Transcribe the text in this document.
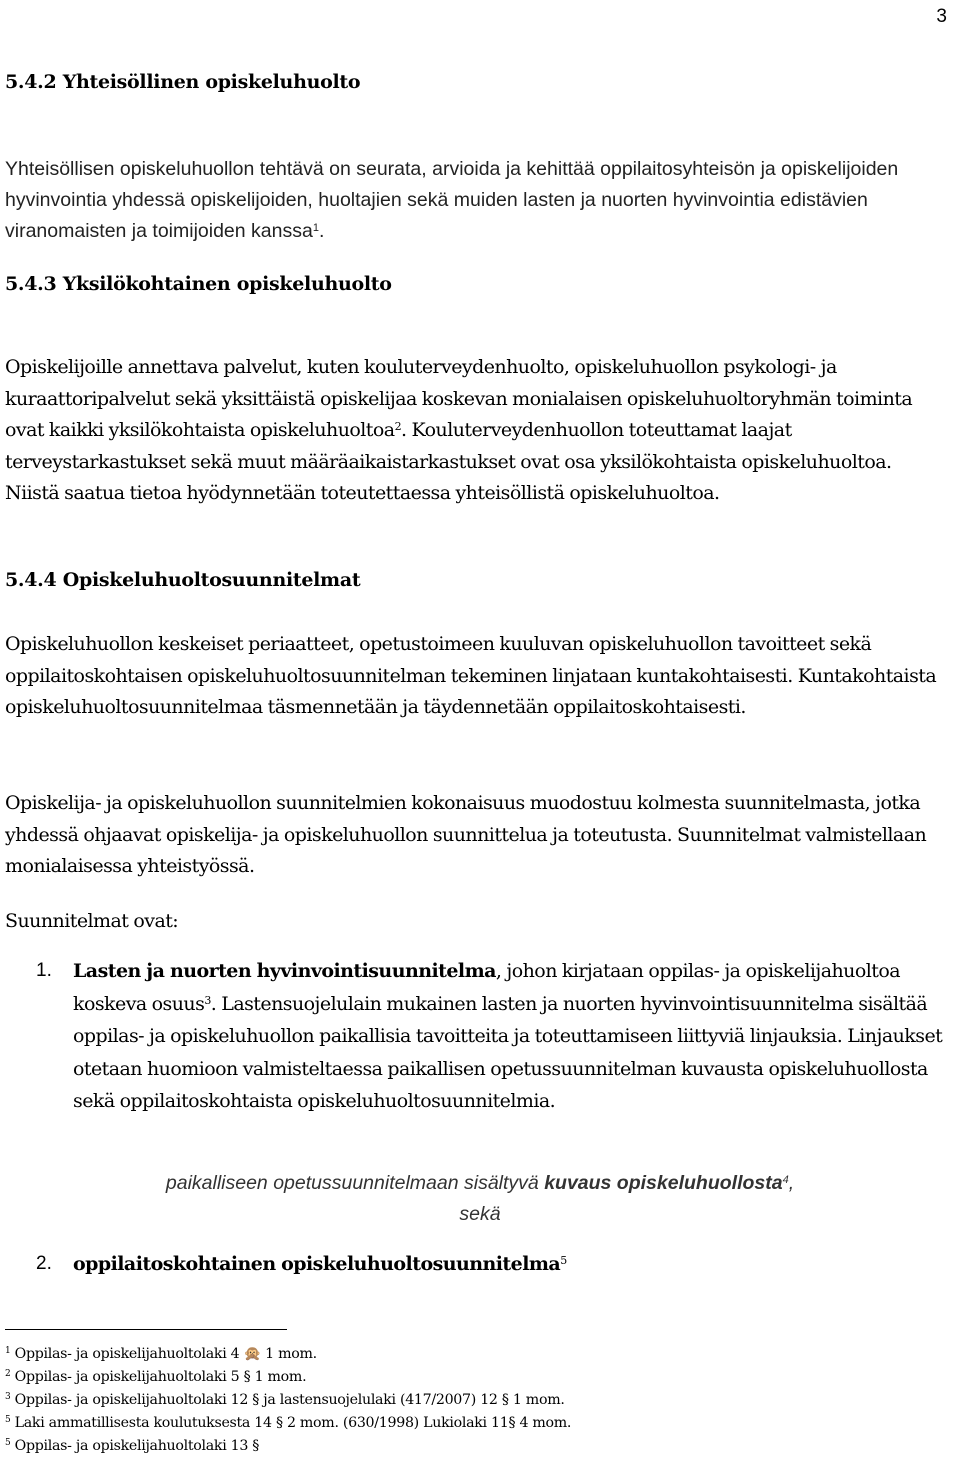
3
5.4.2 Yhteisöllinen opiskeluhuolto

Yhteisöllisen opiskeluhuollon tehtävä on seurata, arvioida ja kehittää oppilaitosyhteisön ja opiskelijoiden hyvinvointia yhdessä opiskelijoiden, huoltajien sekä muiden lasten ja nuorten hyvinvointia edistävien viranomaisten ja toimijoiden kanssa$^1$.

5.4.3 Yksilökohtainen opiskeluhuolto

Opiskelijoille annettava palvelut, kuten kouluterveydenhuolto, opiskeluhuollon psykologi- ja kuraattoripalvelut sekä yksittäistä opiskelijaa koskevan monialaisen opiskeluhuoltoryhmän toiminta ovat kaikki yksilökohtaista opiskeluhuoltoa$^2$. Kouluterveydenhuollon toteuttamat laajat terveystarkastukset sekä muut määräaikaistarkastukset ovat osa yksilökohtaista opiskeluhuoltoa. Niistä saatua tietoa hyödynnetään toteutettaessa yhteisöllistä opiskeluhuoltoa.

5.4.4 Opiskeluhuoltosuunnitelmat

Opiskeluhuollon keskeiset periaatteet, opetustoimeen kuuluvan opiskeluhuollon tavoitteet sekä oppilaitoskohtaisen opiskeluhuoltosuunnitelman tekeminen linjataan kuntakohtaisesti. Kuntakohtaista opiskeluhuoltosuunnitelmaa täsmennetään ja täydennetään oppilaitoskohtaisesti.

Opiskelija- ja opiskeluhuollon suunnitelmien kokonaisuus muodostuu kolmesta suunnitelmasta, jotka yhdessä ohjaavat opiskelija- ja opiskeluhuollon suunnittelua ja toteutusta. Suunnitelmat valmistellaan monialaisessa yhteistyössä.

Suunnitelmat ovat:

1.	Lasten ja nuorten hyvinvointisuunnitelma, johon kirjataan oppilas- ja opiskelijahuoltoa koskeva osuus$^3$. Lastensuojelulain mukainen lasten ja nuorten hyvinvointisuunnitelma sisältää oppilas- ja opiskeluhuollon paikallisia tavoitteita ja toteuttamiseen liittyviä linjauksia. Linjaukset otetaan huomioon valmisteltaessa paikallisen opetussuunnitelman kuvausta opiskeluhuollosta sekä oppilaitoskohtaista opiskeluhuoltosuunnitelmia.
paikalliseen opetussuunnitelmaan sisältyvä kuvaus opiskeluhuollosta$^4$,
sekä
2.	oppilaitoskohtainen opiskeluhuoltosuunnitelma$^5$
$^1$ Oppilas- ja opiskelijahuoltolaki 4 🙊 1 mom.
$^2$ Oppilas- ja opiskelijahuoltolaki 5 § 1 mom.
$^3$ Oppilas- ja opiskelijahuoltolaki 12 § ja lastensuojelulaki (417/2007) 12 § 1 mom.
$^5$ Laki ammatillisesta koulutuksesta 14 § 2 mom. (630/1998) Lukiolaki 11§ 4 mom.
$^5$ Oppilas- ja opiskelijahuoltolaki 13 §
